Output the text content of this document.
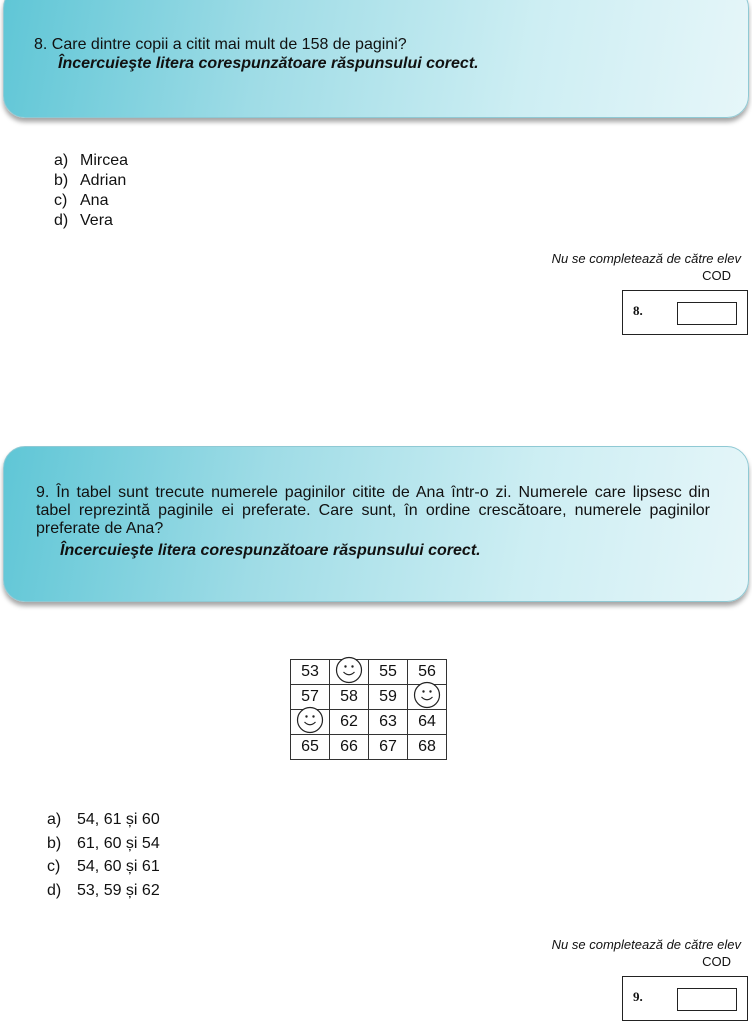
8. Care dintre copii a citit mai mult de 158 de pagini?
Încercuieşte litera corespunzătoare răspunsului corect.
a) Mircea
b) Adrian
c) Ana
d) Vera
Nu se completează de către elev
COD
8.
9. În tabel sunt trecute numerele paginilor citite de Ana într-o zi. Numerele care lipsesc din tabel reprezintă paginile ei preferate. Care sunt, în ordine crescătoare, numerele paginilor preferate de Ana?
Încercuieşte litera corespunzătoare răspunsului corect.
53		55	56
57	58	59	

	62	63	64
65	66	67	68
a) 54, 61 și 60
b) 61, 60 și 54
c) 54, 60 și 61
d) 53, 59 și 62
Nu se completează de către elev
COD
9.
